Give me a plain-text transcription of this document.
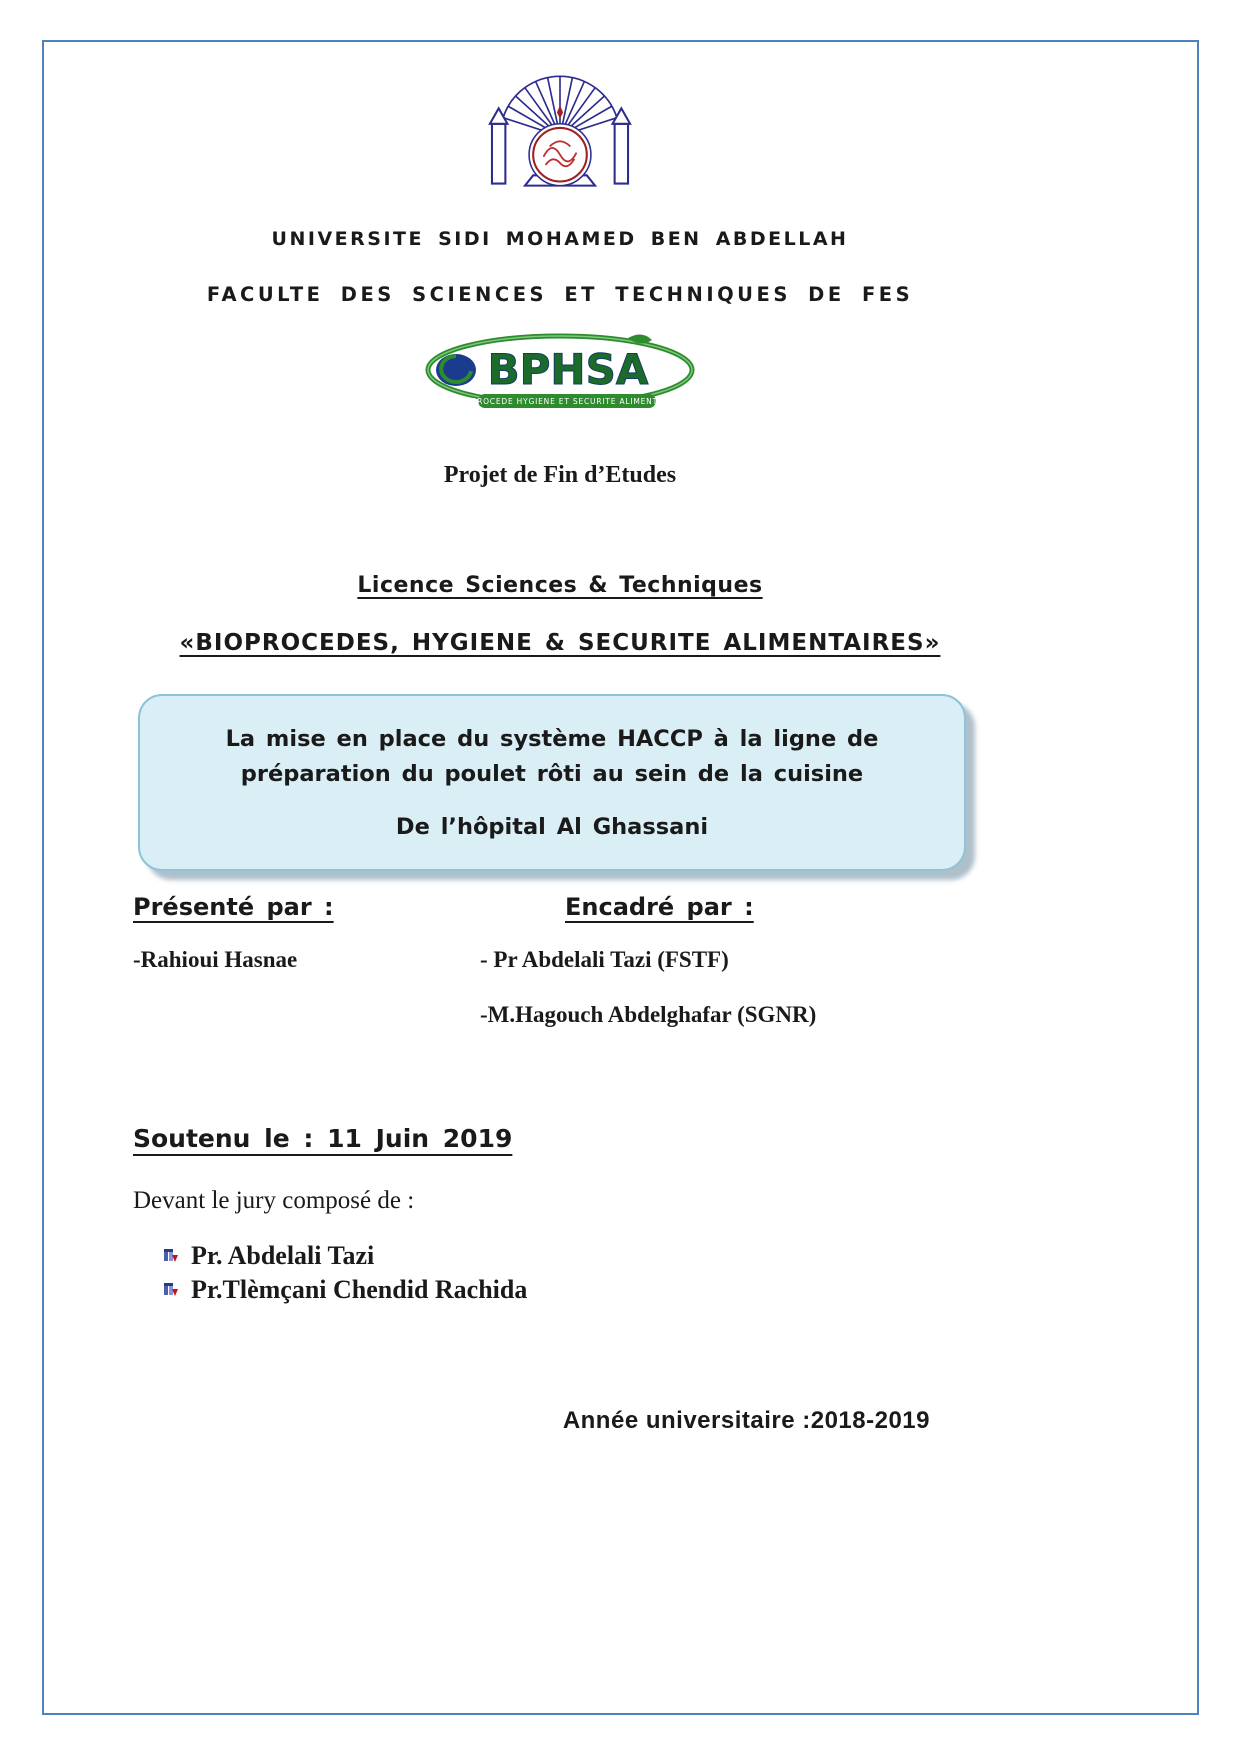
UNIVERSITE SIDI MOHAMED BEN ABDELLAH
FACULTE DES SCIENCES ET TECHNIQUES DE FES
BPHSA
BIOPROCEDE HYGIENE ET SECURITE ALIMENTAIRE
Projet de Fin d’Etudes
Licence Sciences & Techniques
«BIOPROCEDES, HYGIENE & SECURITE ALIMENTAIRES»
La mise en place du système HACCP à la ligne de
préparation du poulet rôti au sein de la cuisine
De l’hôpital Al Ghassani
Présenté par :
-Rahioui Hasnae
Encadré par :
- Pr Abdelali Tazi (FSTF)
-M.Hagouch Abdelghafar (SGNR)
Soutenu le : 11 Juin 2019
Devant le jury composé de :
Pr. Abdelali Tazi
Pr.Tlèmçani Chendid Rachida
Année universitaire :2018-2019
